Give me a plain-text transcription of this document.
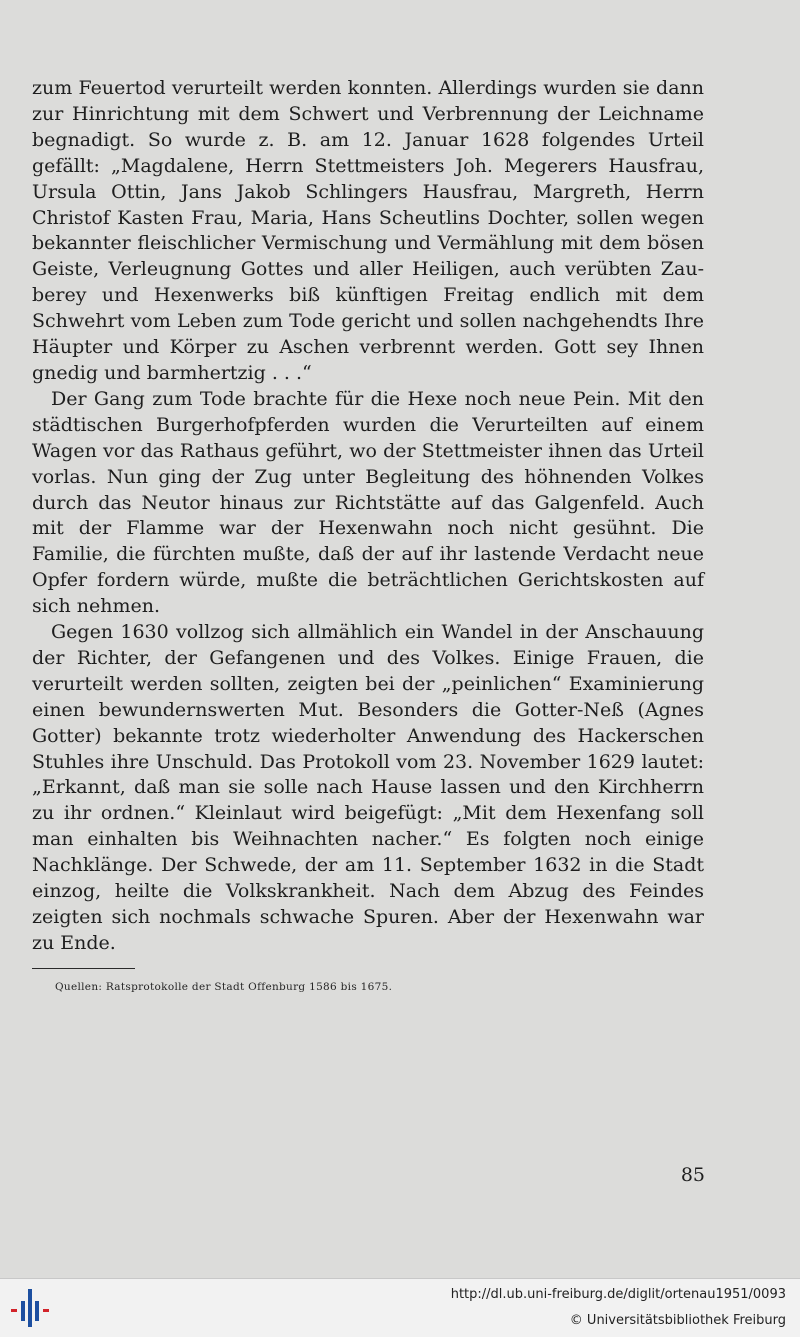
zum Feuertod verurteilt werden konnten. Allerdings wurden sie dann zur Hinrichtung mit dem Schwert und Verbrennung der Leichname begnadigt. So wurde z. B. am 12. Januar 1628 folgendes Urteil gefällt: „Magdalene, Herrn Stettmeisters Joh. Megerers Hausfrau, Ursula Ottin, Jans Jakob Schlingers Hausfrau, Margreth, Herrn Christof Kasten Frau, Maria, Hans Scheutlins Dochter, sollen wegen bekannter fleischlicher Vermischung und Vermählung mit dem bösen Geiste, Verleugnung Gottes und aller Heiligen, auch verübten Zauberey und Hexenwerks biß künftigen Freitag endlich mit dem Schwehrt vom Leben zum Tode gericht und sollen nachgehendts Ihre Häupter und Körper zu Aschen verbrennt werden. Gott sey Ihnen gnedig und barmhertzig . . .“

Der Gang zum Tode brachte für die Hexe noch neue Pein. Mit den städtischen Burgerhofpferden wurden die Verurteilten auf einem Wagen vor das Rathaus geführt, wo der Stettmeister ihnen das Urteil vorlas. Nun ging der Zug unter Begleitung des höhnenden Volkes durch das Neutor hinaus zur Richtstätte auf das Galgenfeld. Auch mit der Flamme war der Hexenwahn noch nicht gesühnt. Die Familie, die fürchten mußte, daß der auf ihr lastende Verdacht neue Opfer fordern würde, mußte die beträchtlichen Gerichtskosten auf sich nehmen.

Gegen 1630 vollzog sich allmählich ein Wandel in der Anschauung der Richter, der Gefangenen und des Volkes. Einige Frauen, die verurteilt werden sollten, zeigten bei der „peinlichen“ Examinierung einen bewundernswerten Mut. Besonders die Gotter-Neß (Agnes Gotter) bekannte trotz wiederholter Anwendung des Hackerschen Stuhles ihre Unschuld. Das Protokoll vom 23. November 1629 lautet: „Erkannt, daß man sie solle nach Hause lassen und den Kirchherrn zu ihr ordnen.“ Kleinlaut wird beigefügt: „Mit dem Hexenfang soll man einhalten bis Weihnachten nacher.“ Es folgten noch einige Nachklänge. Der Schwede, der am 11. September 1632 in die Stadt einzog, heilte die Volkskrankheit. Nach dem Abzug des Feindes zeigten sich nochmals schwache Spuren. Aber der Hexenwahn war zu Ende.

Quellen: Ratsprotokolle der Stadt Offenburg 1586 bis 1675.
85
http://dl.ub.uni-freiburg.de/diglit/ortenau1951/0093
© Universitätsbibliothek Freiburg
